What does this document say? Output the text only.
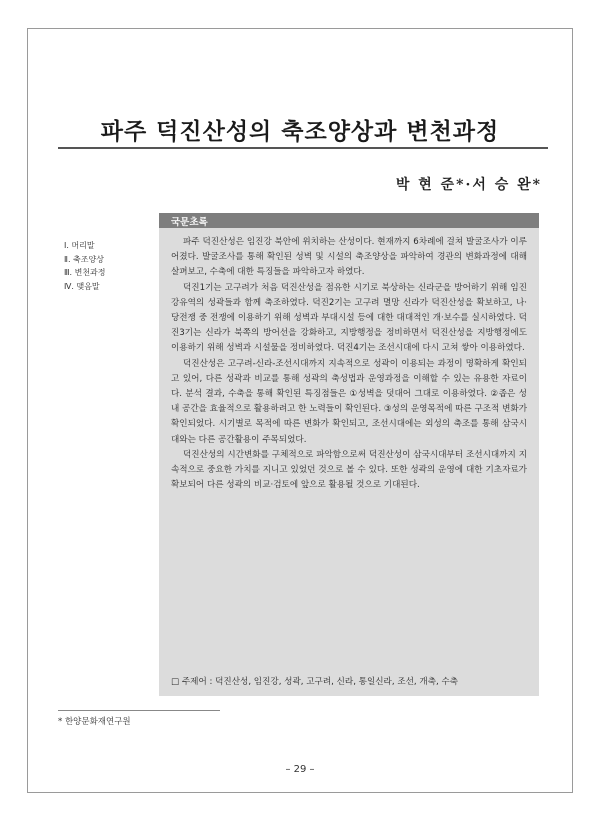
파주 덕진산성의 축조양상과 변천과정
박 현 준*·서 승 완*
Ⅰ. 머리말
Ⅱ. 축조양상
Ⅲ. 변천과정
Ⅳ. 맺음말
국문초록

파주 덕진산성은 임진강 북안에 위치하는 산성이다. 현재까지 6차례에 걸쳐 발굴조사가 이루어졌다. 발굴조사를 통해 확인된 성벽 및 시설의 축조양상을 파악하여 경관의 변화과정에 대해 살펴보고, 수축에 대한 특징들을 파악하고자 하였다.

덕진1기는 고구려가 처음 덕진산성을 점유한 시기로 북상하는 신라군을 방어하기 위해 임진강유역의 성곽들과 함께 축조하였다. 덕진2기는 고구려 멸망 신라가 덕진산성을 확보하고, 나·당전쟁 중 전쟁에 이용하기 위해 성벽과 부대시설 등에 대한 대대적인 개·보수를 실시하였다. 덕진3기는 신라가 북쪽의 방어선을 강화하고, 지방행정을 정비하면서 덕진산성을 지방행정에도 이용하기 위해 성벽과 시설물을 정비하였다. 덕진4기는 조선시대에 다시 고쳐 쌓아 이용하였다.

덕진산성은 고구려-신라-조선시대까지 지속적으로 성곽이 이용되는 과정이 명확하게 확인되고 있어, 다른 성곽과 비교를 통해 성곽의 축성법과 운영과정을 이해할 수 있는 유용한 자료이다. 분석 결과, 수축을 통해 확인된 특징점들은 ①성벽을 덧대어 그대로 이용하였다. ②좁은 성 내 공간을 효율적으로 활용하려고 한 노력들이 확인된다. ③성의 운영목적에 따른 구조적 변화가 확인되었다. 시기별로 목적에 따른 변화가 확인되고, 조선시대에는 외성의 축조를 통해 삼국시대와는 다른 공간활용이 주목되었다.

덕진산성의 시간변화를 구체적으로 파악함으로써 덕진산성이 삼국시대부터 조선시대까지 지속적으로 중요한 가치를 지니고 있었던 것으로 볼 수 있다. 또한 성곽의 운영에 대한 기초자료가 확보되어 다른 성곽의 비교·검토에 앞으로 활용될 것으로 기대된다.

□ 주제어 : 덕진산성, 임진강, 성곽, 고구려, 신라, 통일신라, 조선, 개축, 수축
* 한양문화재연구원
– 29 –
